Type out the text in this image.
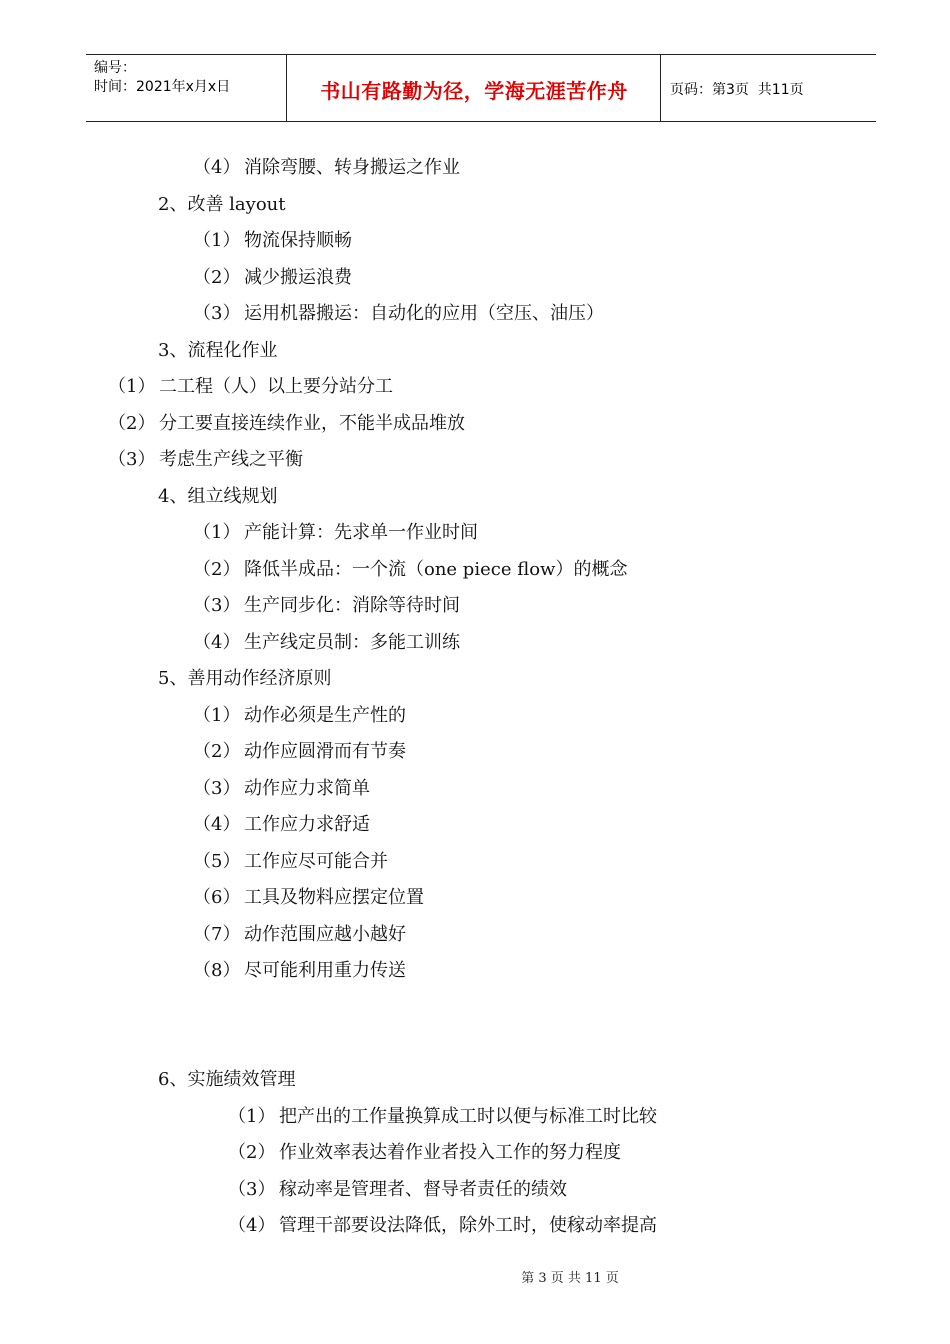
编号：
时间：2021年x月x日	书山有路勤为径，学海无涯苦作舟	页码：第3页  共11页
（4） 消除弯腰、转身搬运之作业
2、改善 layout
（1） 物流保持顺畅
（2） 减少搬运浪费
（3） 运用机器搬运：自动化的应用（空压、油压）
3、流程化作业
（1） 二工程（人）以上要分站分工
（2） 分工要直接连续作业，不能半成品堆放
（3） 考虑生产线之平衡
4、组立线规划
（1） 产能计算：先求单一作业时间
（2） 降低半成品：一个流（one piece flow）的概念
（3） 生产同步化：消除等待时间
（4） 生产线定员制：多能工训练
5、善用动作经济原则
（1） 动作必须是生产性的
（2） 动作应圆滑而有节奏
（3） 动作应力求简单
（4） 工作应力求舒适
（5） 工作应尽可能合并
（6） 工具及物料应摆定位置
（7） 动作范围应越小越好
（8） 尽可能利用重力传送
6、实施绩效管理
（1） 把产出的工作量换算成工时以便与标准工时比较
（2） 作业效率表达着作业者投入工作的努力程度
（3） 稼动率是管理者、督导者责任的绩效
（4） 管理干部要设法降低，除外工时，使稼动率提高
第 3 页 共 11 页
